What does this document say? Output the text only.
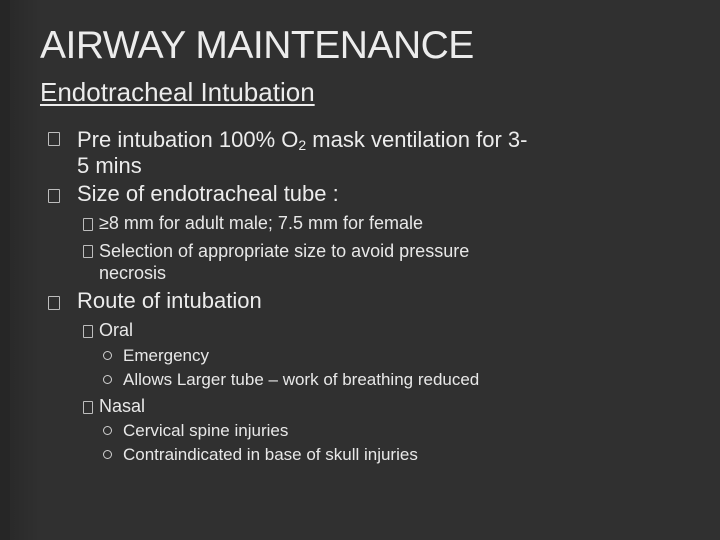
AIRWAY MAINTENANCE
Endotracheal Intubation
Pre intubation 100% $O_2$ mask ventilation for 3-
5 mins
Size of endotracheal tube :
≥8 mm for adult male; 7.5 mm for female
Selection of appropriate size to avoid pressure
necrosis
Route of intubation
Oral
Emergency
Allows Larger tube – work of breathing reduced
Nasal
Cervical spine injuries
Contraindicated in base of skull injuries
